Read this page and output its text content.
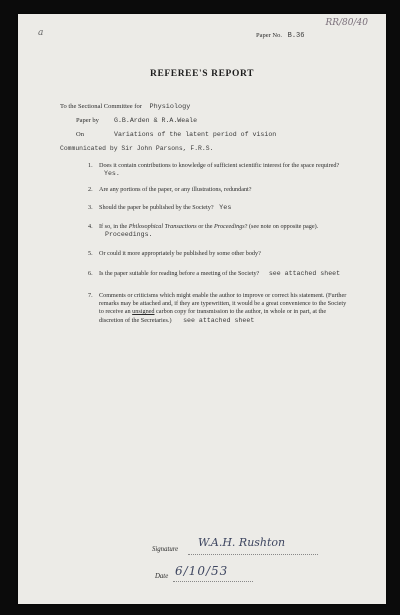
RR/80/40
a	Paper No. B.36
REFEREE'S REPORT
To the Sectional Committee for Physiology
Paper by G.B.Arden & R.A.Weale
On	Variations of the latent period of vision
Communicated by Sir John Parsons, F.R.S.
1. Does it contain contributions to knowledge of sufficient scientific interest for the space required? Yes.
2. Are any portions of the paper, or any illustrations, redundant?
3. Should the paper be published by the Society? Yes
4. If so, in the Philosophical Transactions or the Proceedings? (see note on opposite page). Proceedings.
5. Or could it more appropriately be published by some other body?
6. Is the paper suitable for reading before a meeting of the Society? see attached sheet
7. Comments or criticisms which might enable the author to improve or correct his statement. (Further remarks may be attached and, if they are typewritten, it would be a great convenience to the Society to receive an unsigned carbon copy for transmission to the author, in whole or in part, at the discretion of the Secretaries.) see attached sheet
Signature
W.A.H. Rushton
Date 6/10/53
